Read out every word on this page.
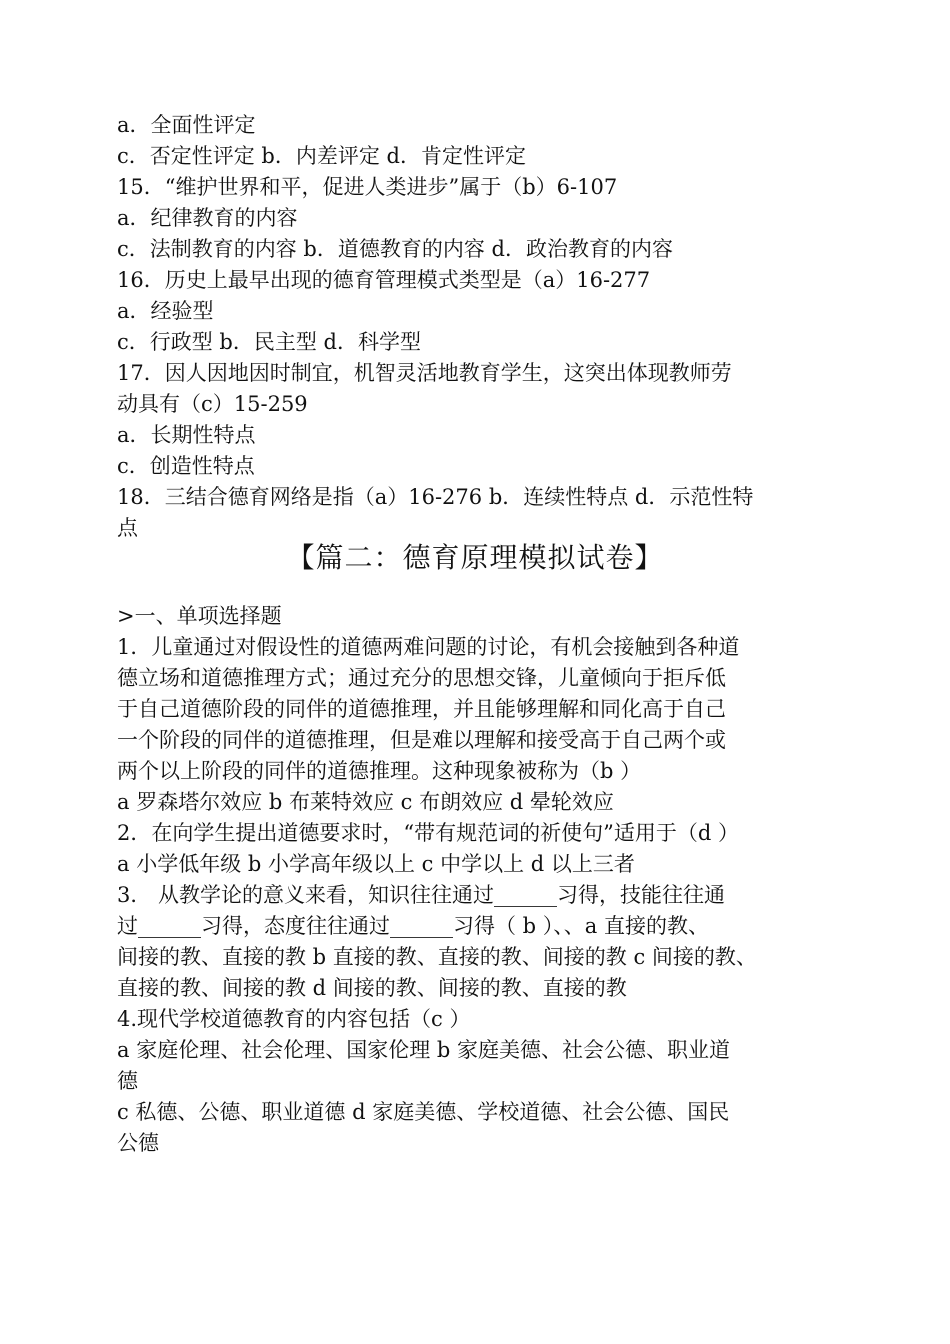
a．全面性评定
c．否定性评定 b．内差评定 d．肯定性评定
15．“维护世界和平，促进人类进步”属于（b）6-107
a．纪律教育的内容
c．法制教育的内容 b．道德教育的内容 d．政治教育的内容
16．历史上最早出现的德育管理模式类型是（a）16-277
a．经验型
c．行政型 b．民主型 d．科学型
17．因人因地因时制宜，机智灵活地教育学生，这突出体现教师劳
动具有（c）15-259
a．长期性特点
c．创造性特点
18．三结合德育网络是指（a）16-276 b．连续性特点 d．示范性特
点
【篇二：德育原理模拟试卷】
>一、单项选择题
1．儿童通过对假设性的道德两难问题的讨论，有机会接触到各种道
德立场和道德推理方式；通过充分的思想交锋，儿童倾向于拒斥低
于自己道德阶段的同伴的道德推理，并且能够理解和同化高于自己
一个阶段的同伴的道德推理，但是难以理解和接受高于自己两个或
两个以上阶段的同伴的道德推理。这种现象被称为（b ）
a 罗森塔尔效应 b 布莱特效应 c 布朗效应 d 晕轮效应
2．在向学生提出道德要求时，“带有规范词的祈使句”适用于（d ）
a 小学低年级 b 小学高年级以上 c 中学以上 d 以上三者
3． 从教学论的意义来看，知识往往通过______习得，技能往往通
过______习得，态度往往通过______习得（ b ）、、a 直接的教、
间接的教、直接的教 b 直接的教、直接的教、间接的教 c 间接的教、
直接的教、间接的教 d 间接的教、间接的教、直接的教
4.现代学校道德教育的内容包括（c ）
a 家庭伦理、社会伦理、国家伦理 b 家庭美德、社会公德、职业道
德
c 私德、公德、职业道德 d 家庭美德、学校道德、社会公德、国民
公德
